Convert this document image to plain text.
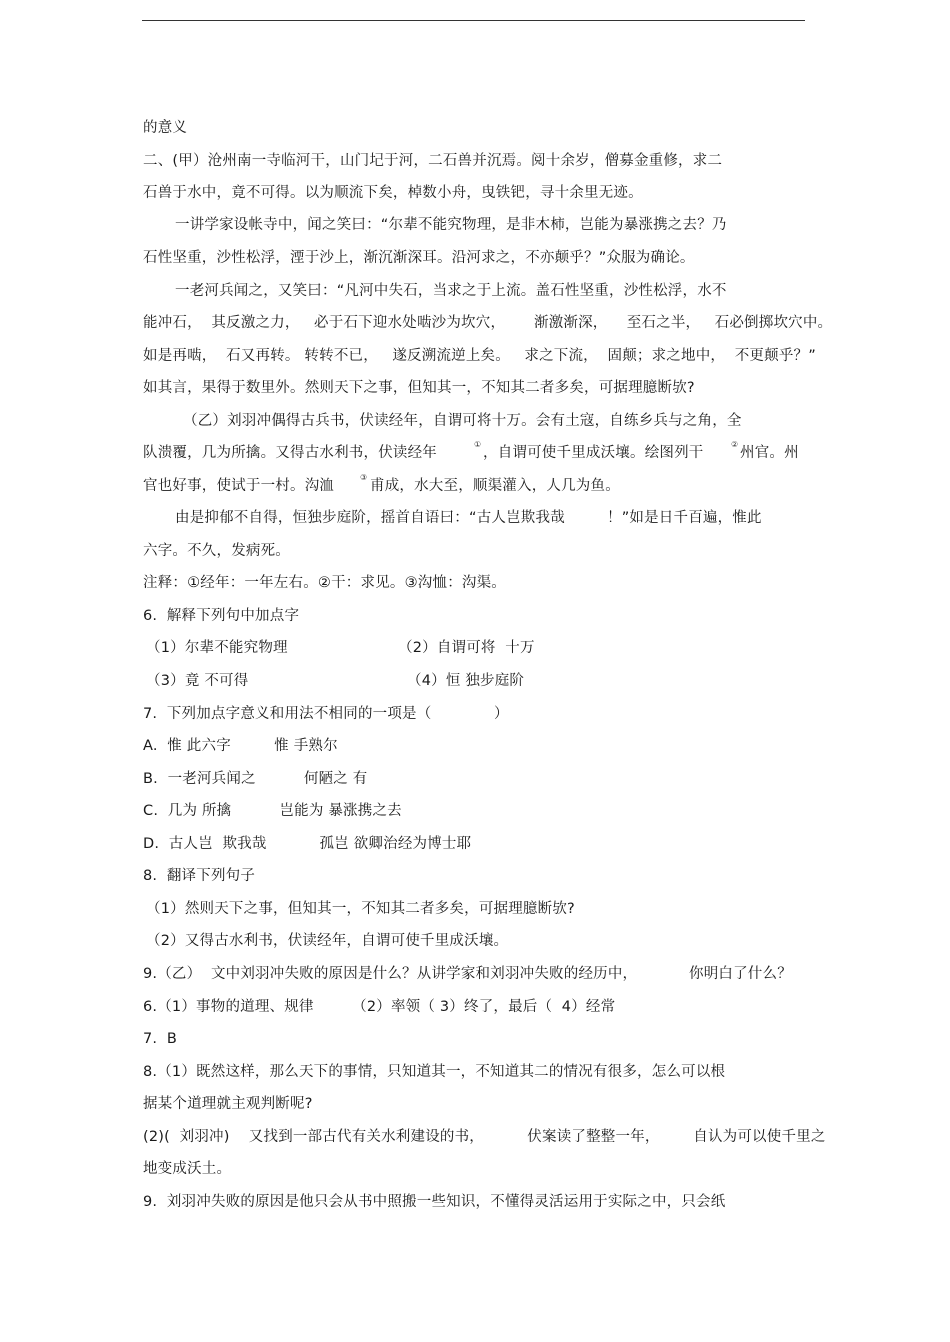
的意义
二、(甲）沧州南一寺临河干，山门圮于河，二石兽并沉焉。阅十余岁，僧募金重修，求二
石兽于水中，竟不可得。以为顺流下矣，棹数小舟，曳铁钯，寻十余里无迹。
一讲学家设帐寺中，闻之笑曰：“尔辈不能究物理，是非木柿，岂能为暴涨携之去？乃
石性坚重，沙性松浮，湮于沙上，渐沉渐深耳。沿河求之，不亦颠乎？”众服为确论。
一老河兵闻之，又笑曰：“凡河中失石，当求之于上流。盖石性坚重，沙性松浮，水不
能冲石，  其反激之力，   必于石下迎水处啮沙为坎穴，      渐激渐深，    至石之半，   石必倒掷坎穴中。
如是再啮，  石又再转。 转转不已，   遂反溯流逆上矣。   求之下流，  固颠；求之地中，  不更颠乎？”
如其言，果得于数里外。然则天下之事，但知其一，不知其二者多矣，可据理臆断欤?
（乙）刘羽冲偶得古兵书，伏读经年，自谓可将十万。会有土寇，自练乡兵与之角，全
队溃覆，几为所擒。又得古水利书，伏读经年
①
，自谓可使千里成沃壤。绘图列干
②
州官。州
官也好事，使试于一村。沟洫
③
甫成，水大至，顺渠灌入，人几为鱼。
由是抑郁不自得，恒独步庭阶，摇首自语曰：“古人岂欺我哉	！”如是日千百遍，惟此
六字。不久，发病死。
注释：①经年：一年左右。②干：求见。③沟恤：沟渠。
6.  解释下列句中加点字
（1）尔辈不能究物理	（2）自谓可将  十万
（3）竟 不可得	（4）恒 独步庭阶
7.  下列加点字意义和用法不相同的一项是（             ）
A.  惟 此六字         惟 手熟尔
B.  一老河兵闻之          何陋之 有
C.  几为 所擒          岂能为 暴涨携之去
D.  古人岂  欺我哉           孤岂 欲卿治经为博士耶
8.  翻译下列句子
（1）然则天下之事，但知其一，不知其二者多矣，可据理臆断欤?
（2）又得古水利书，伏读经年，自谓可使千里成沃壤。
9.（乙）  文中刘羽冲失败的原因是什么？从讲学家和刘羽冲失败的经历中，	你明白了什么？
6.（1）事物的道理、规律        （2）率领（ 3）终了，最后（  4）经常
7.  B
8.（1）既然这样，那么天下的事情，只知道其一，不知道其二的情况有很多，怎么可以根
据某个道理就主观判断呢?
(2)(  刘羽冲)    又找到一部古代有关水利建设的书，         伏案读了整整一年，       自认为可以使千里之
地变成沃土。
9.  刘羽冲失败的原因是他只会从书中照搬一些知识，不懂得灵活运用于实际之中，只会纸
